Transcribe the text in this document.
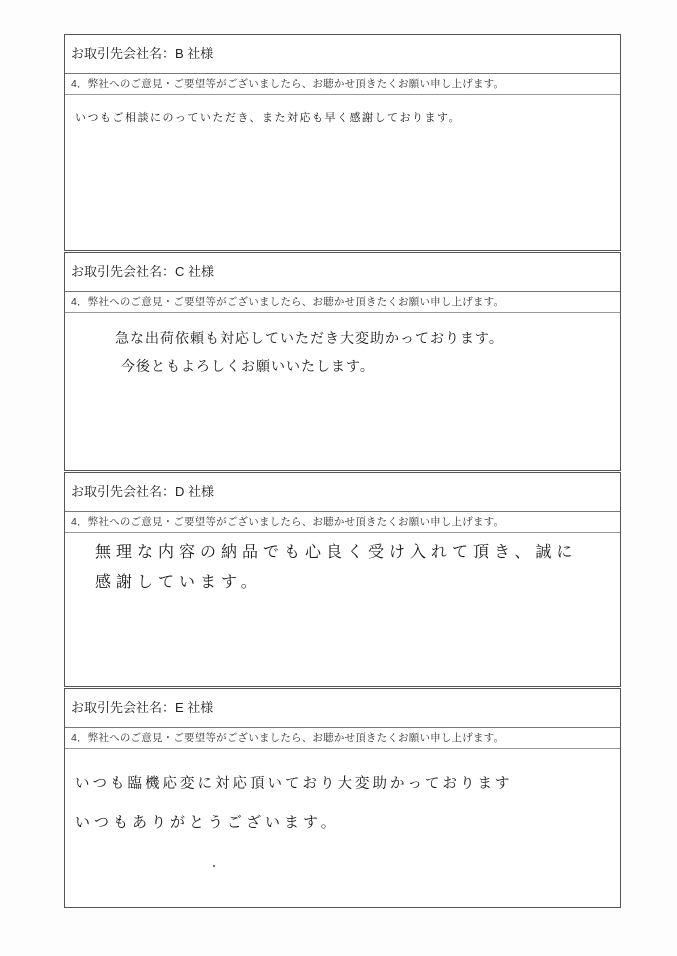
お取引先会社名：B 社様
4．弊社へのご意見・ご要望等がございましたら、お聴かせ頂きたくお願い申し上げます。
いつもご相談にのっていただき、また対応も早く感謝しております。
お取引先会社名：C 社様
4．弊社へのご意見・ご要望等がございましたら、お聴かせ頂きたくお願い申し上げます。
急な出荷依頼も対応していただき大変助かっております。
今後ともよろしくお願いいたします。
お取引先会社名：D 社様
4．弊社へのご意見・ご要望等がございましたら、お聴かせ頂きたくお願い申し上げます。
無理な内容の納品でも心良く受け入れて頂き、誠に
感謝しています。
お取引先会社名：E 社様
4．弊社へのご意見・ご要望等がございましたら、お聴かせ頂きたくお願い申し上げます。
いつも臨機応変に対応頂いており大変助かっております
いつもありがとうございます。
